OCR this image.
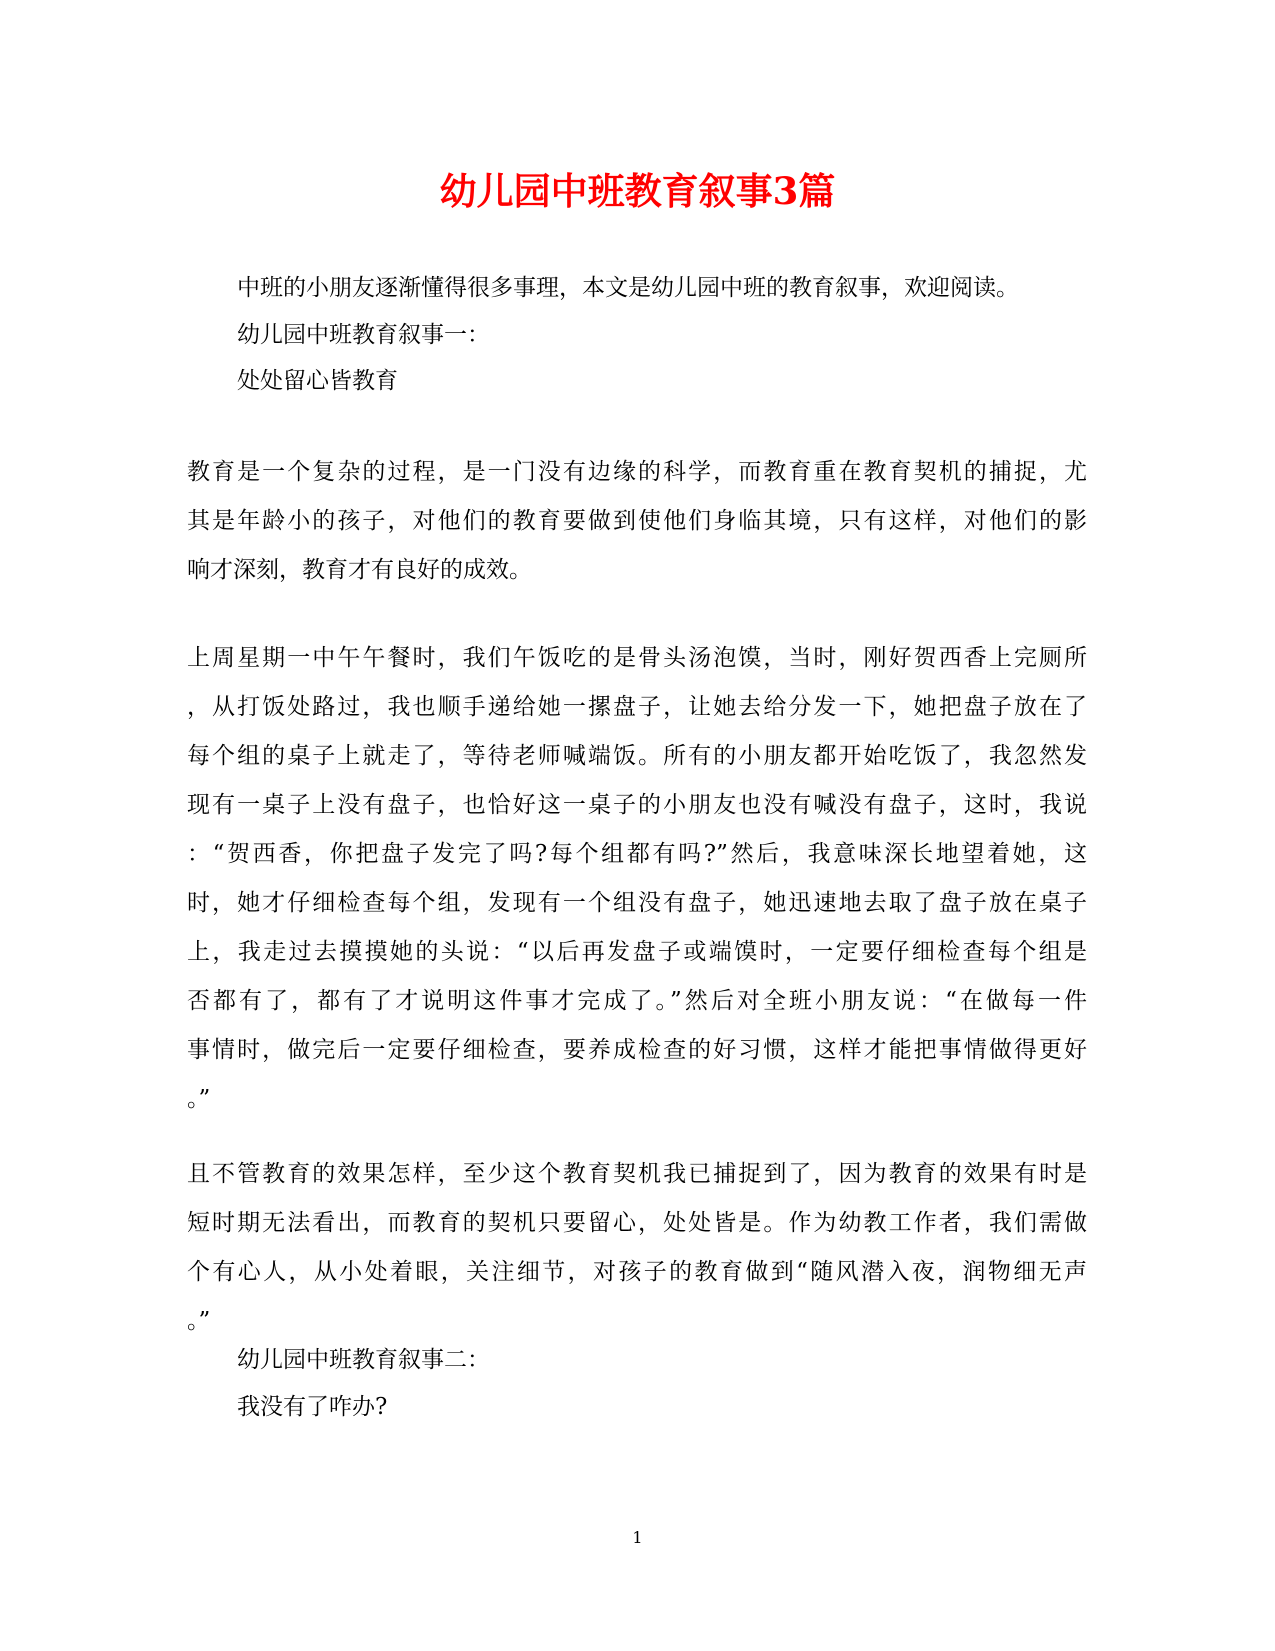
幼儿园中班教育叙事3篇
中班的小朋友逐渐懂得很多事理，本文是幼儿园中班的教育叙事，欢迎阅读。
幼儿园中班教育叙事一：
处处留心皆教育
教育是一个复杂的过程，是一门没有边缘的科学，而教育重在教育契机的捕捉，尤
其是年龄小的孩子，对他们的教育要做到使他们身临其境，只有这样，对他们的影
响才深刻，教育才有良好的成效。
上周星期一中午午餐时，我们午饭吃的是骨头汤泡馍，当时，刚好贺西香上完厕所
，从打饭处路过，我也顺手递给她一摞盘子，让她去给分发一下，她把盘子放在了
每个组的桌子上就走了，等待老师喊端饭。所有的小朋友都开始吃饭了，我忽然发
现有一桌子上没有盘子，也恰好这一桌子的小朋友也没有喊没有盘子，这时，我说
：“贺西香，你把盘子发完了吗?每个组都有吗?”然后，我意味深长地望着她，这
时，她才仔细检查每个组，发现有一个组没有盘子，她迅速地去取了盘子放在桌子
上，我走过去摸摸她的头说：“以后再发盘子或端馍时，一定要仔细检查每个组是
否都有了，都有了才说明这件事才完成了。”然后对全班小朋友说：“在做每一件
事情时，做完后一定要仔细检查，要养成检查的好习惯，这样才能把事情做得更好
。”
且不管教育的效果怎样，至少这个教育契机我已捕捉到了，因为教育的效果有时是
短时期无法看出，而教育的契机只要留心，处处皆是。作为幼教工作者，我们需做
个有心人，从小处着眼，关注细节，对孩子的教育做到“随风潜入夜，润物细无声
。”
幼儿园中班教育叙事二：
我没有了咋办?
1
